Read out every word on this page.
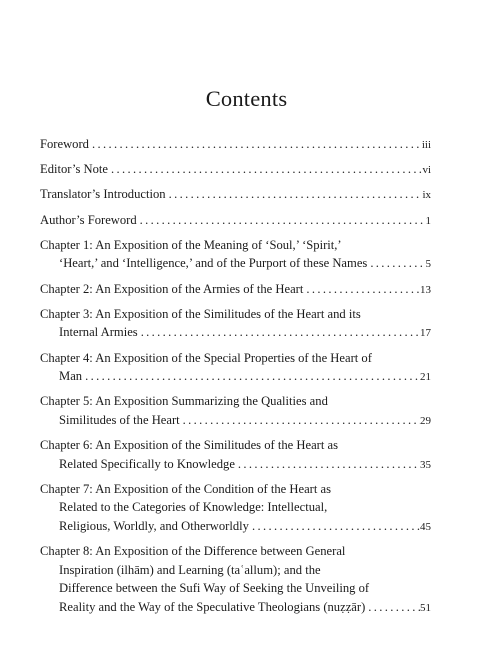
Contents
Foreword . . .	iii
Editor’s Note . . .	vi
Translator’s Introduction . . .	ix
Author’s Foreword . . .	1
Chapter 1: An Exposition of the Meaning of ‘Soul,’ ‘Spirit,’
‘Heart,’ and ‘Intelligence,’ and of the Purport of these Names . . .	5
Chapter 2: An Exposition of the Armies of the Heart . . .	13
Chapter 3: An Exposition of the Similitudes of the Heart and its
Internal Armies . . .	17
Chapter 4: An Exposition of the Special Properties of the Heart of
Man . . .	21
Chapter 5: An Exposition Summarizing the Qualities and
Similitudes of the Heart . . .	29
Chapter 6: An Exposition of the Similitudes of the Heart as
Related Specifically to Knowledge . . .	35
Chapter 7: An Exposition of the Condition of the Heart as
Related to the Categories of Knowledge: Intellectual,
Religious, Worldly, and Otherworldly . . .	45
Chapter 8: An Exposition of the Difference between General
Inspiration (ilhām) and Learning (taʿallum); and the
Difference between the Sufi Way of Seeking the Unveiling of
Reality and the Way of the Speculative Theologians (nuẓẓār) . . .	51
